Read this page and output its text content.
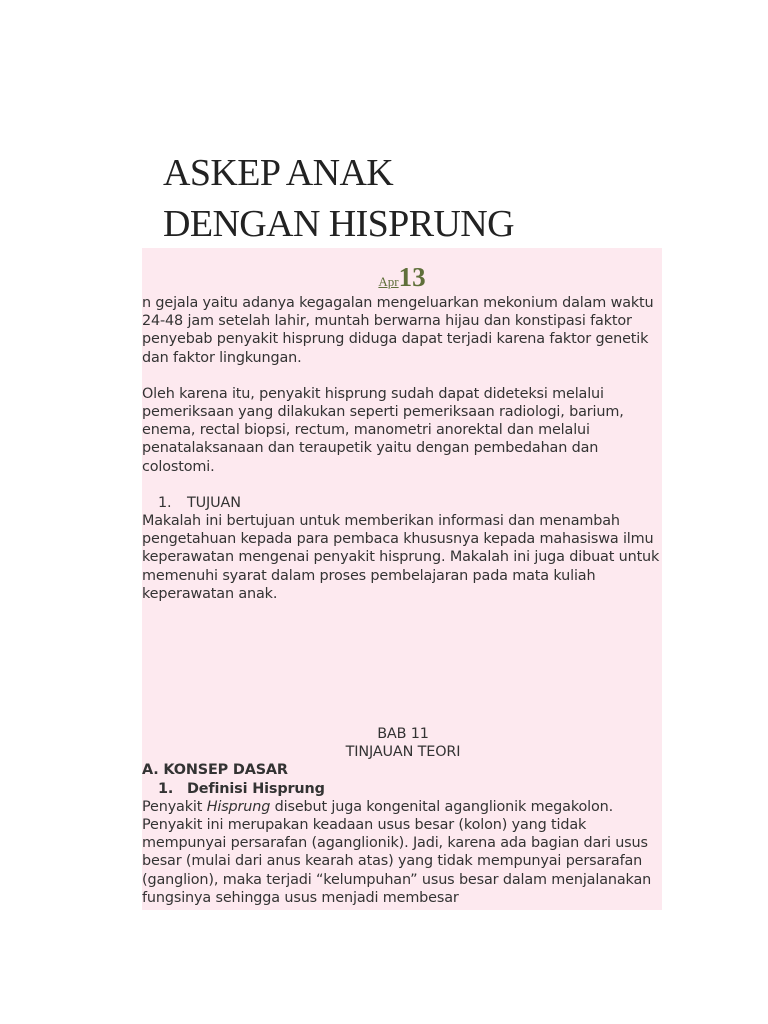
ASKEP ANAK
DENGAN HISPRUNG
Apr13

n gejala yaitu adanya kegagalan mengeluarkan mekonium dalam waktu 24-48 jam setelah lahir, muntah berwarna hijau dan konstipasi faktor penyebab penyakit hisprung diduga dapat terjadi karena faktor genetik dan faktor lingkungan.

Oleh karena itu, penyakit hisprung sudah dapat dideteksi melalui pemeriksaan yang dilakukan seperti pemeriksaan radiologi, barium, enema, rectal biopsi, rectum, manometri anorektal dan melalui penatalaksanaan dan teraupetik yaitu dengan pembedahan dan colostomi.

1.	TUJUAN

Makalah ini bertujuan untuk memberikan informasi dan menambah pengetahuan kepada para pembaca khususnya kepada mahasiswa ilmu keperawatan mengenai penyakit hisprung. Makalah ini juga dibuat untuk memenuhi syarat dalam proses pembelajaran pada mata kuliah keperawatan anak.

BAB 11

TINJAUAN TEORI

A. KONSEP DASAR

1. Definisi Hisprung

Penyakit Hisprung disebut juga kongenital aganglionik megakolon. Penyakit ini merupakan keadaan usus besar (kolon) yang tidak mempunyai persarafan (aganglionik). Jadi, karena ada bagian dari usus besar (mulai dari anus kearah atas) yang tidak mempunyai persarafan (ganglion), maka terjadi “kelumpuhan” usus besar dalam menjalanakan fungsinya sehingga usus menjadi membesar
